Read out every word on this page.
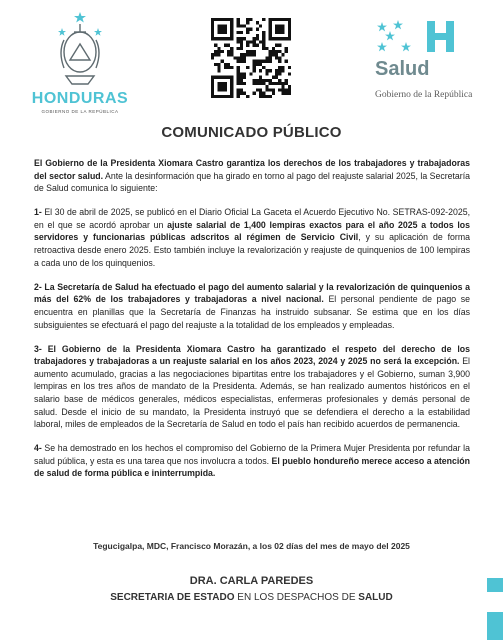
HONDURAS
GOBIERNO DE LA REPÚBLICA
Salud
Gobierno de la República
COMUNICADO PÚBLICO

El Gobierno de la Presidenta Xiomara Castro garantiza los derechos de los trabajadores y trabajadoras del sector salud. Ante la desinformación que ha girado en torno al pago del reajuste salarial 2025, la Secretaría de Salud comunica lo siguiente:

1- El 30 de abril de 2025, se publicó en el Diario Oficial La Gaceta el Acuerdo Ejecutivo No. SETRAS-092-2025, en el que se acordó aprobar un ajuste salarial de 1,400 lempiras exactos para el año 2025 a todos los servidores y funcionarias públicas adscritos al régimen de Servicio Civil, y su aplicación de forma retroactiva desde enero 2025. Esto también incluye la revalorización y reajuste de quinquenios de 100 lempiras a cada uno de los quinquenios.

2- La Secretaría de Salud ha efectuado el pago del aumento salarial y la revalorización de quinquenios a más del 62% de los trabajadores y trabajadoras a nivel nacional. El personal pendiente de pago se encuentra en planillas que la Secretaría de Finanzas ha instruido subsanar. Se estima que en los días subsiguientes se efectuará el pago del reajuste a la totalidad de los empleados y empleadas.

3- El Gobierno de la Presidenta Xiomara Castro ha garantizado el respeto del derecho de los trabajadores y trabajadoras a un reajuste salarial en los años 2023, 2024 y 2025 no será la excepción. El aumento acumulado, gracias a las negociaciones bipartitas entre los trabajadores y el Gobierno, suman 3,900 lempiras en los tres años de mandato de la Presidenta. Además, se han realizado aumentos históricos en el salario base de médicos generales, médicos especialistas, enfermeras profesionales y demás personal de salud. Desde el inicio de su mandato, la Presidenta instruyó que se defendiera el derecho a la estabilidad laboral, miles de empleados de la Secretaría de Salud en todo el país han recibido acuerdos de permanencia.

4- Se ha demostrado en los hechos el compromiso del Gobierno de la Primera Mujer Presidenta por refundar la salud pública, y esta es una tarea que nos involucra a todos. El pueblo hondureño merece acceso a atención de salud de forma pública e ininterrumpida.

Tegucigalpa, MDC, Francisco Morazán, a los 02 días del mes de mayo del 2025
DRA. CARLA PAREDES
SECRETARIA DE ESTADO EN LOS DESPACHOS DE SALUD
